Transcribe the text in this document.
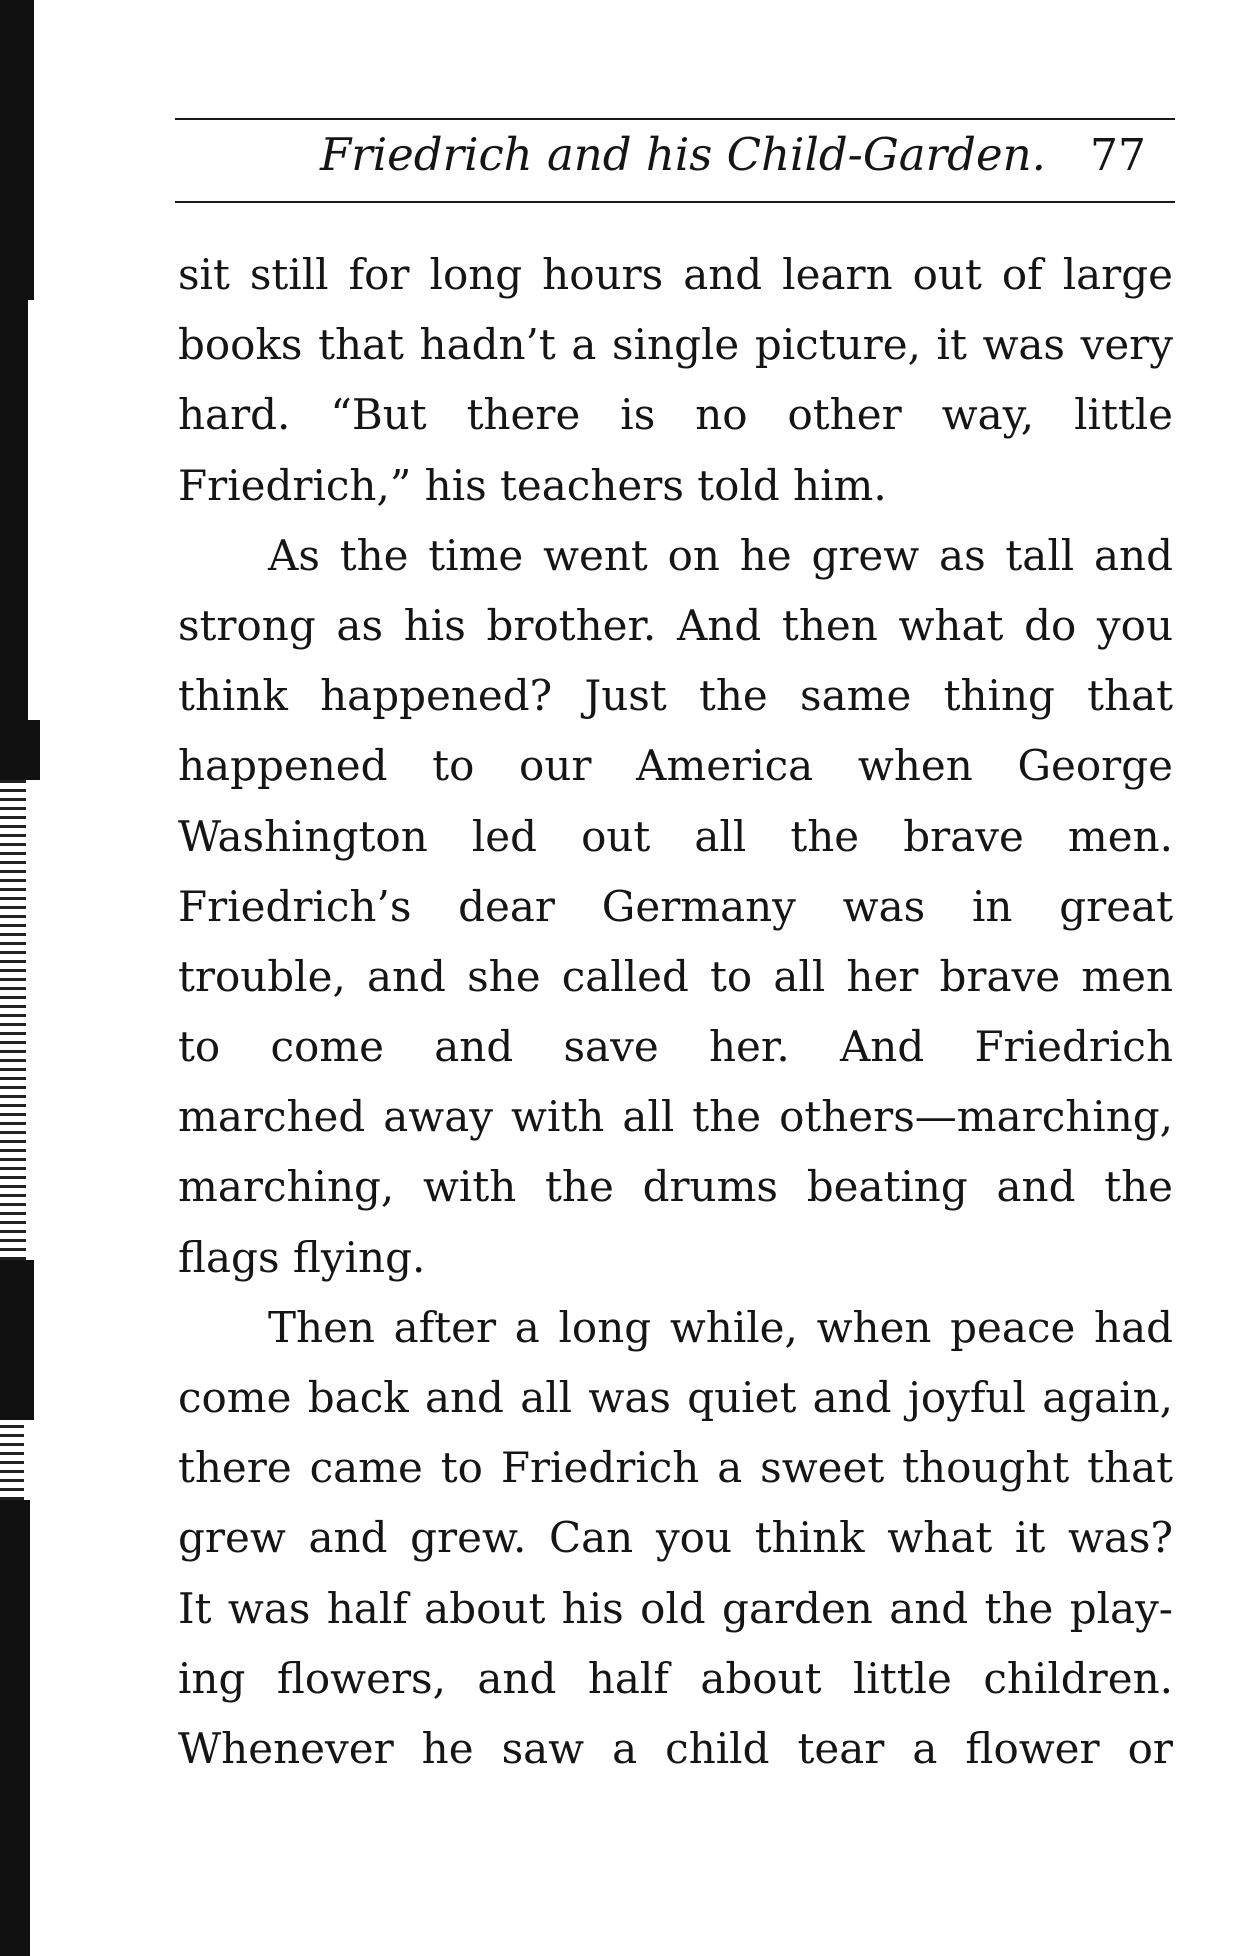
Friedrich and his Child-Garden. 77
sit still for long hours and learn out of large
books that hadn’t a single picture, it was very
hard. “But there is no other way, little
Friedrich,” his teachers told him.
As the time went on he grew as tall and
strong as his brother. And then what do you
think happened? Just the same thing that
happened to our America when George
Washington led out all the brave men.
Friedrich’s dear Germany was in great
trouble, and she called to all her brave men
to come and save her. And Friedrich
marched away with all the others—marching,
marching, with the drums beating and the
flags flying.
Then after a long while, when peace had
come back and all was quiet and joyful again,
there came to Friedrich a sweet thought that
grew and grew. Can you think what it was?
It was half about his old garden and the play-
ing flowers, and half about little children.
Whenever he saw a child tear a flower or
